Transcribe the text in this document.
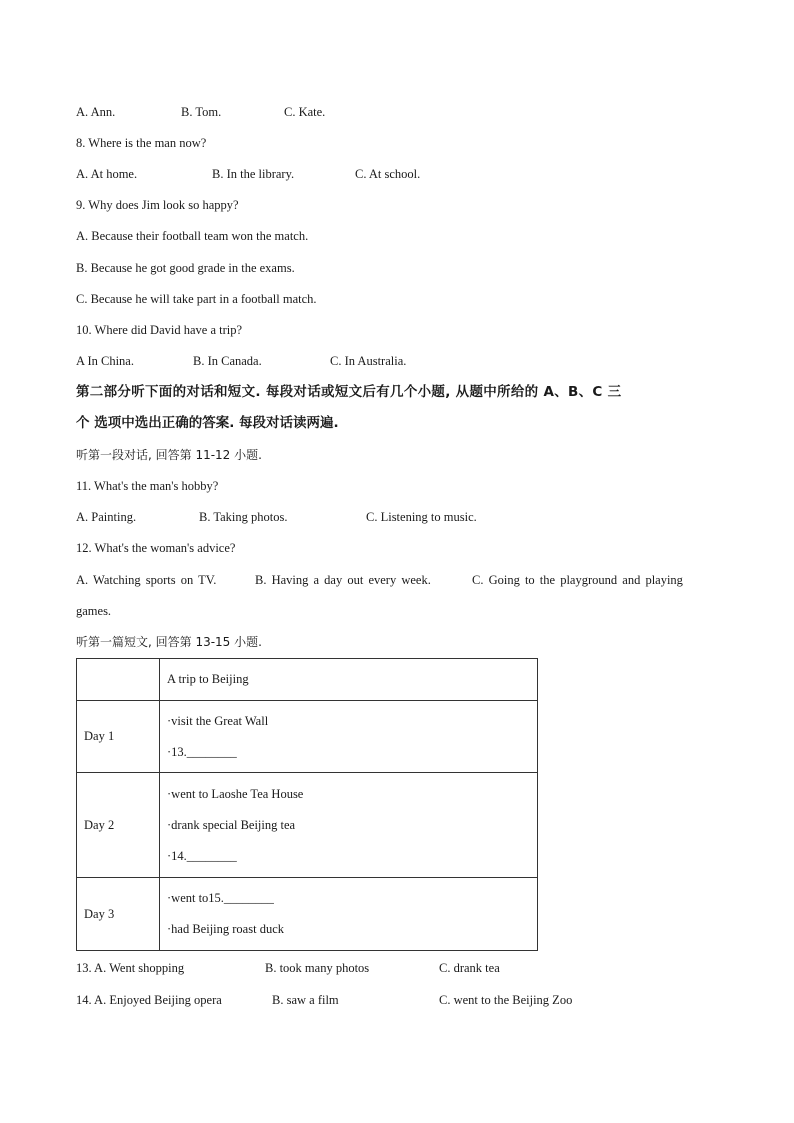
A. Ann.	B. Tom.	C. Kate.
8. Where is the man now?
A. At home.	B. In the library.	C. At school.
9. Why does Jim look so happy?
A. Because their football team won the match.
B. Because he got good grade in the exams.
C. Because he will take part in a football match.
10. Where did David have a trip?
A In China.	B. In Canada.	C. In Australia.
第二部分听下面的对话和短文. 每段对话或短文后有几个小题, 从题中所给的 A、B、C 三
个 选项中选出正确的答案. 每段对话读两遍.
听第一段对话, 回答第 11-12 小题.
11. What's the man's hobby?
A. Painting.	B. Taking photos.	C. Listening to music.
12. What's the woman's advice?
A. Watching sports on TV.	B. Having a day out every week.	C. Going to the playground and playing
games.
听第一篇短文, 回答第 13-15 小题.
	A trip to Beijing
Day 1	·visit the Great Wall
·13.________

Day 2	·went to Laoshe Tea House
·drank special Beijing tea
·14.________

Day 3	·went to15.________
·had Beijing roast duck
13. A. Went shopping	B. took many photos	C. drank tea
14. A. Enjoyed Beijing opera	B. saw a film	C. went to the Beijing Zoo
